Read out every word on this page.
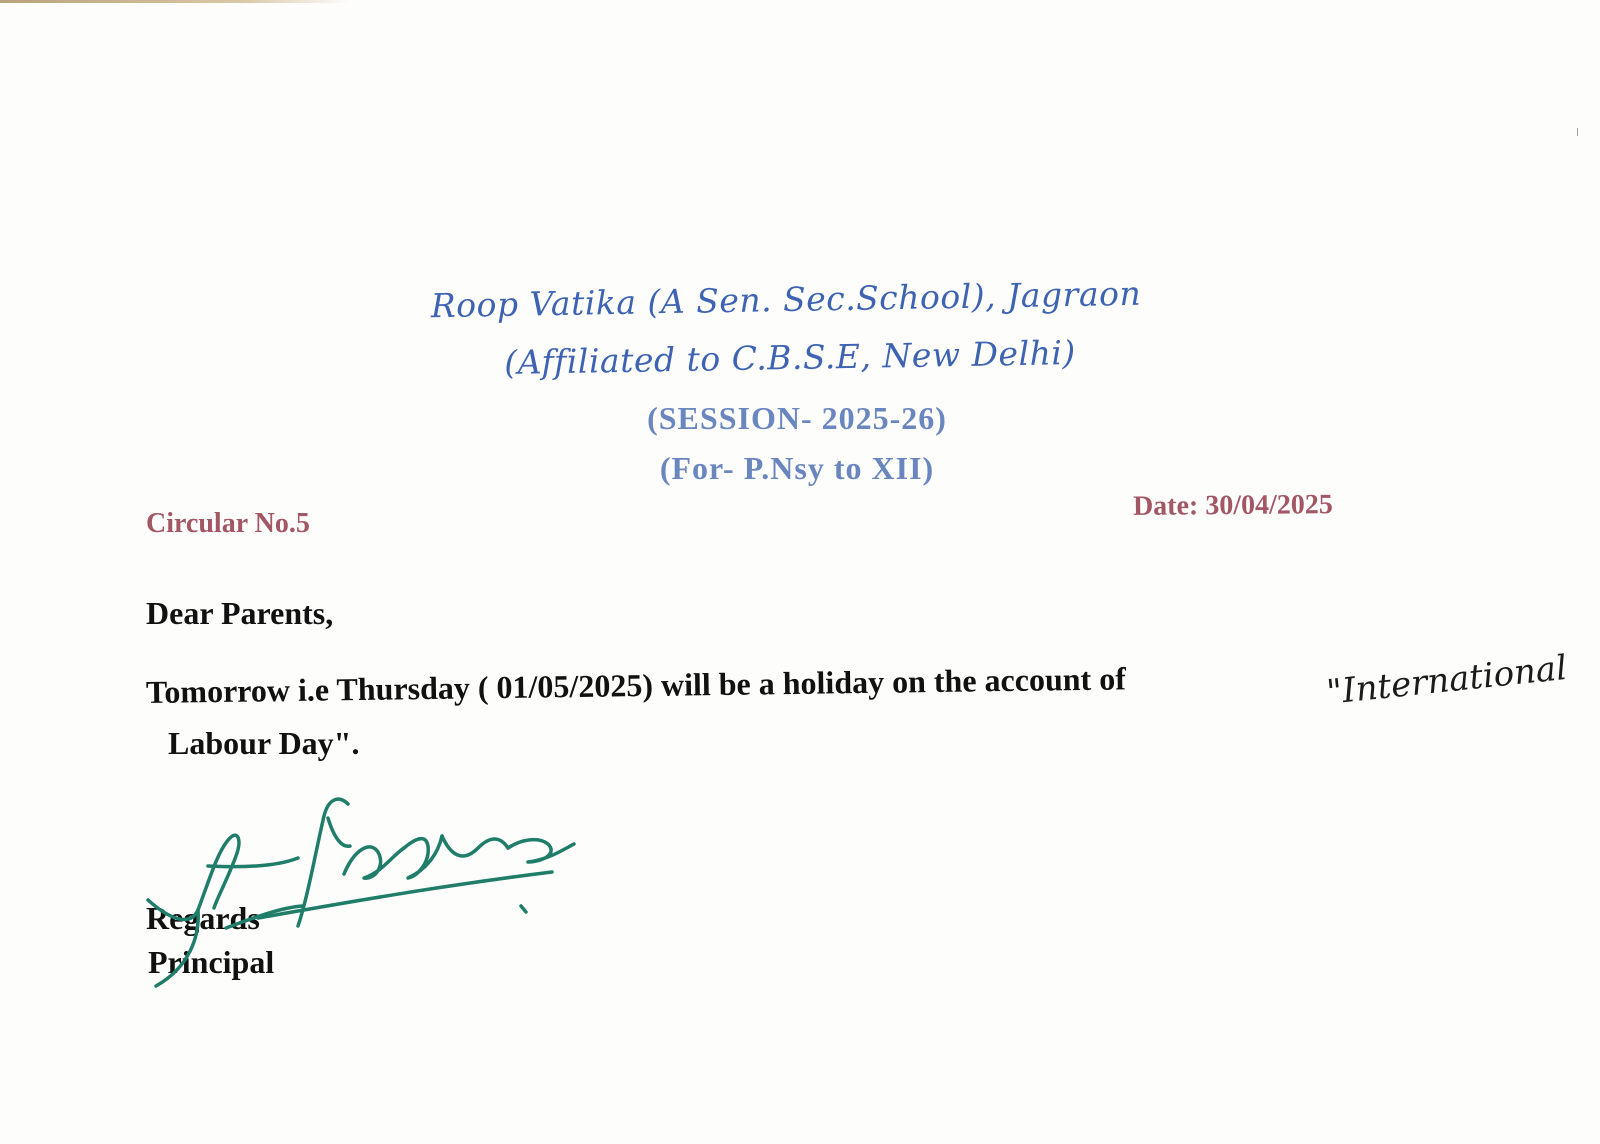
Roop Vatika (A Sen. Sec.School), Jagraon
(Affiliated to C.B.S.E, New Delhi)
(SESSION- 2025-26)
(For- P.Nsy to XII)
Circular No.5
Date: 30/04/2025
Dear Parents,
Tomorrow i.e Thursday ( 01/05/2025) will be a holiday on the account of	"International
Labour Day".
Regards
Principal
